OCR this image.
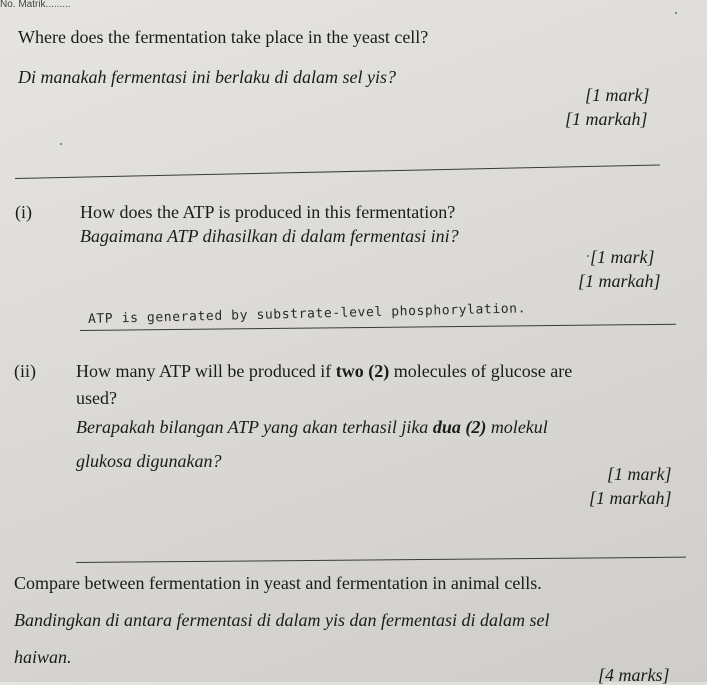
No. Matrik.........
Where does the fermentation take place in the yeast cell?
Di manakah fermentasi ini berlaku di dalam sel yis?
[1 mark]
[1 markah]
(i)	How does the ATP is produced in this fermentation?
Bagaimana ATP dihasilkan di dalam fermentasi ini?
[1 mark]
[1 markah]
ATP is generated by substrate-level phosphorylation.
(ii) How many ATP will be produced if two (2) molecules of glucose are
used?
Berapakah bilangan ATP yang akan terhasil jika dua (2) molekul
glukosa digunakan?
[1 mark]
[1 markah]
Compare between fermentation in yeast and fermentation in animal cells.
Bandingkan di antara fermentasi di dalam yis dan fermentasi di dalam sel
haiwan.
[4 marks]
